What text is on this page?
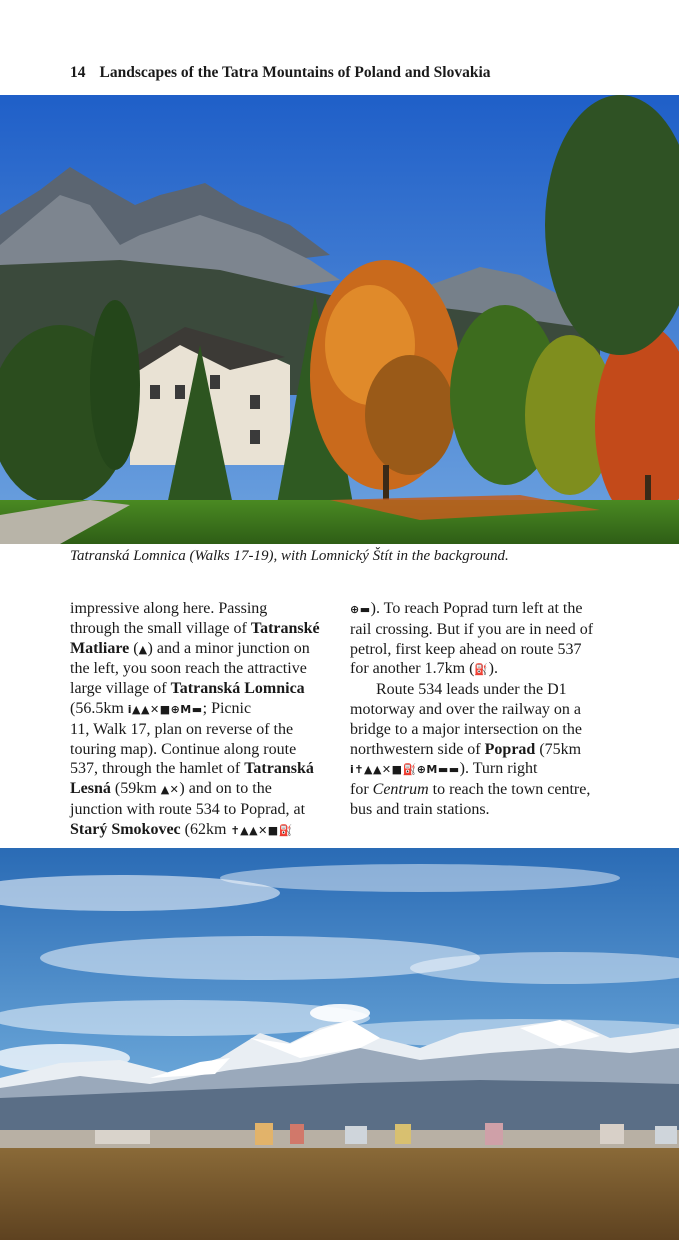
14 Landscapes of the Tatra Mountains of Poland and Slovakia
Tatranská Lomnica (Walks 17-19), with Lomnický Štít in the background.
impressive along here. Passing
through the small village of Tatranské
Matliare (▲) and a minor junction on
the left, you soon reach the attractive
large village of Tatranská Lomnica
(56.5km i▲▲✕■⊕M▬; Picnic
11, Walk 17, plan on reverse of the
touring map). Continue along route
537, through the hamlet of Tatranská
Lesná (59km ▲✕) and on to the
junction with route 534 to Poprad, at
Starý Smokovec (62km ✝▲▲✕■⛽
⊕▬). To reach Poprad turn left at the
rail crossing. But if you are in need of
petrol, first keep ahead on route 537
for another 1.7km (⛽).
Route 534 leads under the D1
motorway and over the railway on a
bridge to a major intersection on the
northwestern side of Poprad (75km
i✝▲▲✕■⛽⊕M▬▬). Turn right
for Centrum to reach the town centre,
bus and train stations.
